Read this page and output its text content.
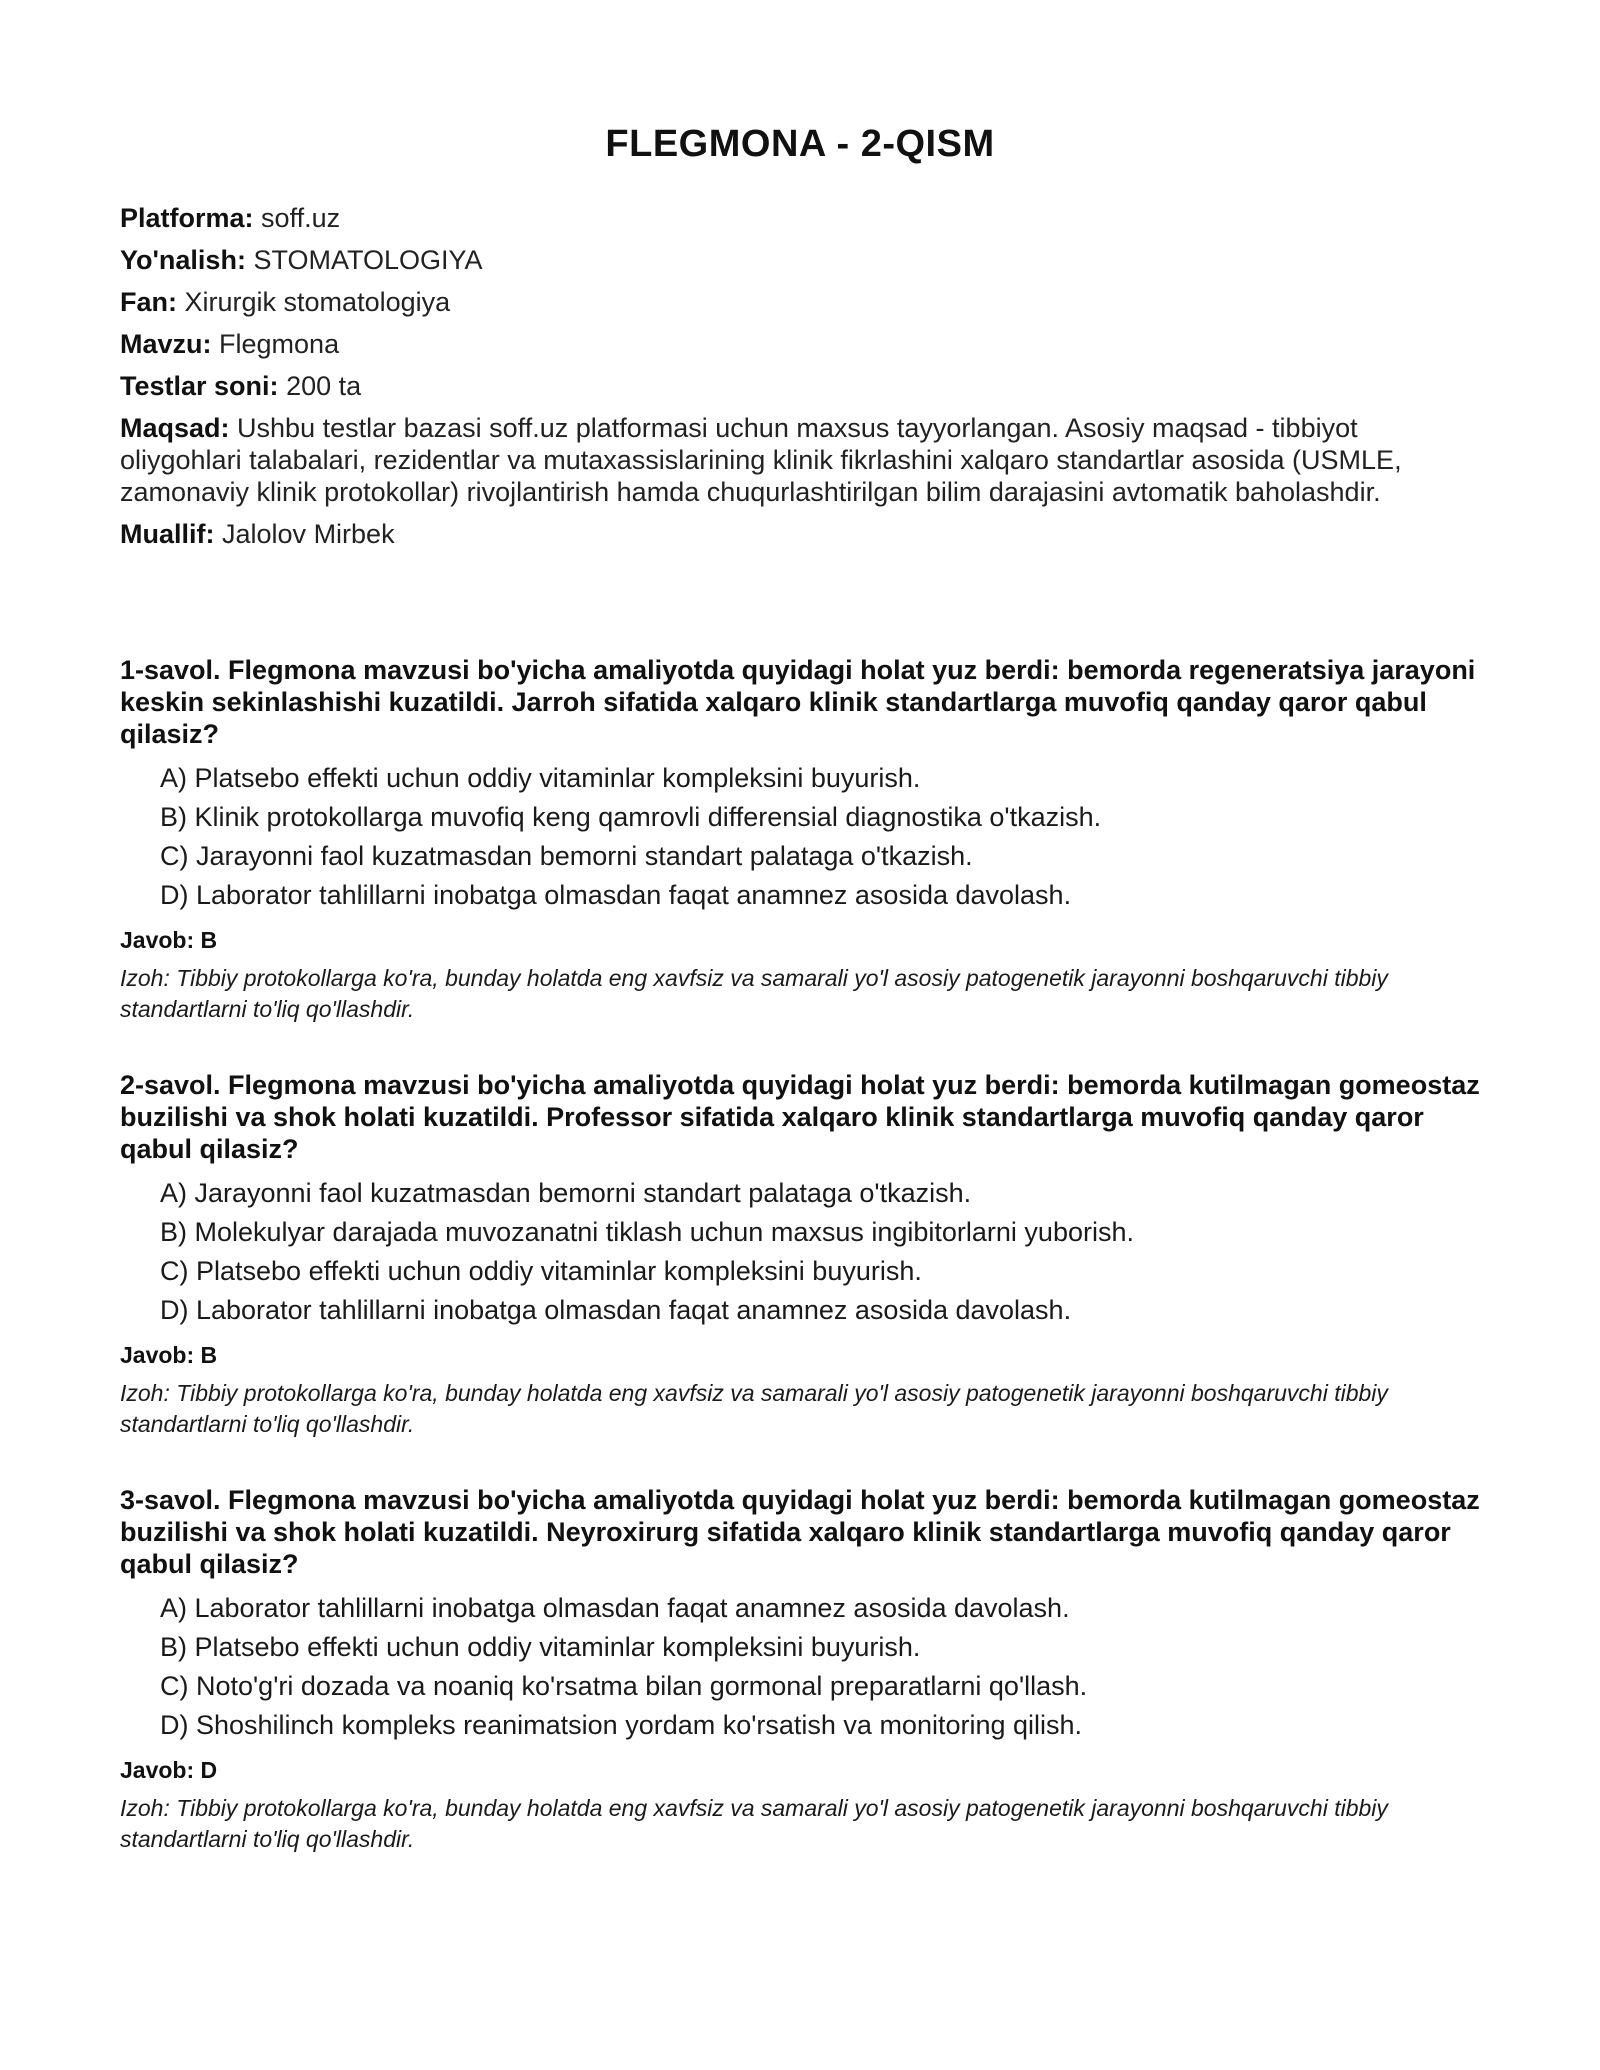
FLEGMONA - 2-QISM

Platforma: soff.uz

Yo'nalish: STOMATOLOGIYA

Fan: Xirurgik stomatologiya

Mavzu: Flegmona

Testlar soni: 200 ta

Maqsad: Ushbu testlar bazasi soff.uz platformasi uchun maxsus tayyorlangan. Asosiy maqsad - tibbiyot oliygohlari talabalari, rezidentlar va mutaxassislarining klinik fikrlashini xalqaro standartlar asosida (USMLE, zamonaviy klinik protokollar) rivojlantirish hamda chuqurlashtirilgan bilim darajasini avtomatik baholashdir.

Muallif: Jalolov Mirbek

1-savol. Flegmona mavzusi bo'yicha amaliyotda quyidagi holat yuz berdi: bemorda regeneratsiya jarayoni keskin sekinlashishi kuzatildi. Jarroh sifatida xalqaro klinik standartlarga muvofiq qanday qaror qabul qilasiz?

A) Platsebo effekti uchun oddiy vitaminlar kompleksini buyurish.
B) Klinik protokollarga muvofiq keng qamrovli differensial diagnostika o'tkazish.
C) Jarayonni faol kuzatmasdan bemorni standart palataga o'tkazish.
D) Laborator tahlillarni inobatga olmasdan faqat anamnez asosida davolash.

Javob: B

Izoh: Tibbiy protokollarga ko'ra, bunday holatda eng xavfsiz va samarali yo'l asosiy patogenetik jarayonni boshqaruvchi tibbiy standartlarni to'liq qo'llashdir.

2-savol. Flegmona mavzusi bo'yicha amaliyotda quyidagi holat yuz berdi: bemorda kutilmagan gomeostaz buzilishi va shok holati kuzatildi. Professor sifatida xalqaro klinik standartlarga muvofiq qanday qaror qabul qilasiz?

A) Jarayonni faol kuzatmasdan bemorni standart palataga o'tkazish.
B) Molekulyar darajada muvozanatni tiklash uchun maxsus ingibitorlarni yuborish.
C) Platsebo effekti uchun oddiy vitaminlar kompleksini buyurish.
D) Laborator tahlillarni inobatga olmasdan faqat anamnez asosida davolash.

Javob: B

Izoh: Tibbiy protokollarga ko'ra, bunday holatda eng xavfsiz va samarali yo'l asosiy patogenetik jarayonni boshqaruvchi tibbiy standartlarni to'liq qo'llashdir.

3-savol. Flegmona mavzusi bo'yicha amaliyotda quyidagi holat yuz berdi: bemorda kutilmagan gomeostaz buzilishi va shok holati kuzatildi. Neyroxirurg sifatida xalqaro klinik standartlarga muvofiq qanday qaror qabul qilasiz?

A) Laborator tahlillarni inobatga olmasdan faqat anamnez asosida davolash.
B) Platsebo effekti uchun oddiy vitaminlar kompleksini buyurish.
C) Noto'g'ri dozada va noaniq ko'rsatma bilan gormonal preparatlarni qo'llash.
D) Shoshilinch kompleks reanimatsion yordam ko'rsatish va monitoring qilish.

Javob: D

Izoh: Tibbiy protokollarga ko'ra, bunday holatda eng xavfsiz va samarali yo'l asosiy patogenetik jarayonni boshqaruvchi tibbiy standartlarni to'liq qo'llashdir.
